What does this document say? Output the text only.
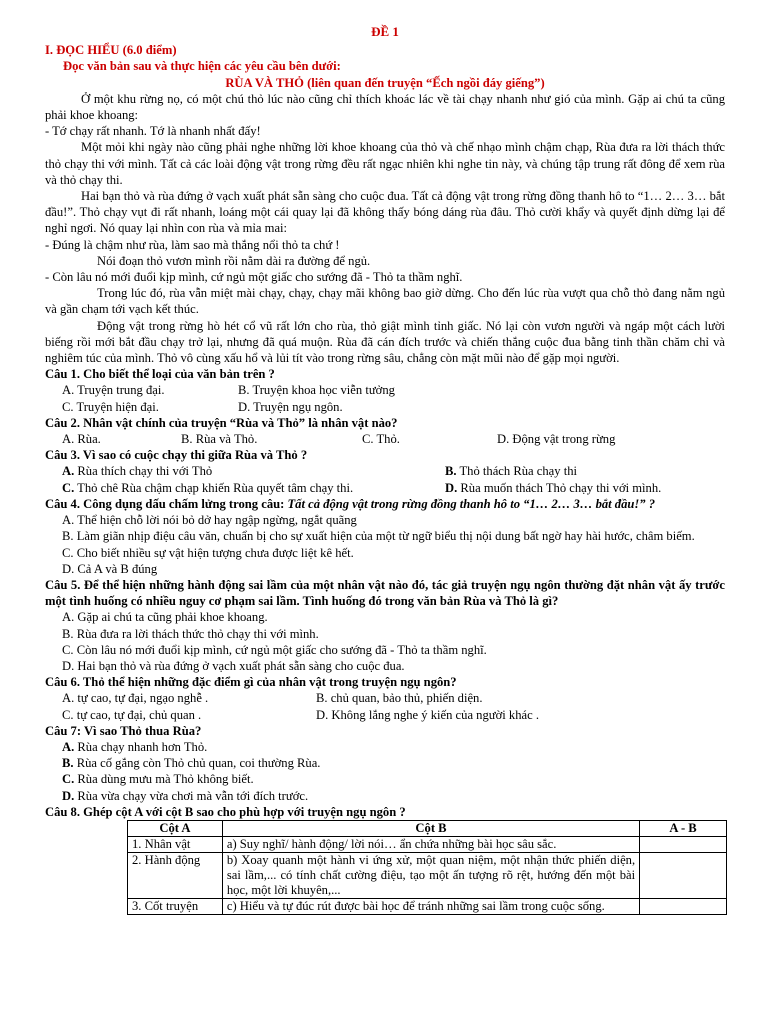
ĐỀ 1

I. ĐỌC HIỂU (6.0 điểm)

Đọc văn bản sau và thực hiện các yêu cầu bên dưới:

RÙA VÀ THỎ (liên quan đến truyện “Ếch ngồi đáy giếng”)

Ở một khu rừng nọ, có một chú thỏ lúc nào cũng chỉ thích khoác lác về tài chạy nhanh như gió của mình. Gặp ai chú ta cũng phải khoe khoang:

- Tớ chạy rất nhanh. Tớ là nhanh nhất đấy!

Một mỏi khi ngày nào cũng phải nghe những lời khoe khoang của thỏ và chế nhạo mình chậm chạp, Rùa đưa ra lời thách thức thỏ chạy thi với mình. Tất cả các loài động vật trong rừng đều rất ngạc nhiên khi nghe tin này, và chúng tập trung rất đông để xem rùa và thỏ chạy thi.

Hai bạn thỏ và rùa đứng ở vạch xuất phát sẵn sàng cho cuộc đua. Tất cả động vật trong rừng đồng thanh hô to “1… 2… 3… bắt đầu!”. Thỏ chạy vụt đi rất nhanh, loáng một cái quay lại đã không thấy bóng dáng rùa đâu. Thỏ cười khẩy và quyết định dừng lại để nghỉ ngơi. Nó quay lại nhìn con rùa và mỉa mai:

- Đúng là chậm như rùa, làm sao mà thắng nổi thỏ ta chứ !

Nói đoạn thỏ vươn mình rồi nằm dài ra đường để ngủ.

- Còn lâu nó mới đuổi kịp mình, cứ ngủ một giấc cho sướng đã - Thỏ ta thầm nghĩ.

Trong lúc đó, rùa vẫn miệt mài chạy, chạy, chạy mãi không bao giờ dừng. Cho đến lúc rùa vượt qua chỗ thỏ đang nằm ngủ và gần chạm tới vạch kết thúc.

Động vật trong rừng hò hét cổ vũ rất lớn cho rùa, thỏ giật mình tỉnh giấc. Nó lại còn vươn người và ngáp một cách lười biếng rồi mới bắt đầu chạy trở lại, nhưng đã quá muộn. Rùa đã cán đích trước và chiến thắng cuộc đua bằng tinh thần chăm chỉ và nghiêm túc của mình. Thỏ vô cùng xấu hổ và lủi tít vào trong rừng sâu, chẳng còn mặt mũi nào để gặp mọi người.

Câu 1. Cho biết thể loại của văn bản trên ?

A. Truyện trung đại.	B. Truyện khoa học viễn tưởng
C. Truyện hiện đại.	D. Truyện ngụ ngôn.

Câu 2. Nhân vật chính của truyện “Rùa và Thỏ” là nhân vật nào?

A. Rùa.	B. Rùa và Thỏ.	C. Thỏ.	D. Động vật trong rừng

Câu 3. Vì sao có cuộc chạy thi giữa Rùa và Thỏ ?

A. Rùa thích chạy thi với Thỏ	B. Thỏ thách Rùa chạy thi
C. Thỏ chê Rùa chậm chạp khiến Rùa quyết tâm chạy thi.	D. Rùa muốn thách Thỏ chạy thi với mình.

Câu 4. Công dụng dấu chấm lửng trong câu: Tất cả động vật trong rừng đồng thanh hô to “1… 2… 3… bắt đầu!” ?

A. Thể hiện chỗ lời nói bỏ dở hay ngập ngừng, ngắt quãng

B. Làm giãn nhịp điệu câu văn, chuẩn bị cho sự xuất hiện của một từ ngữ biểu thị nội dung bất ngờ hay hài hước, châm biếm.

C. Cho biết nhiều sự vật hiện tượng chưa được liệt kê hết.

D. Cả A và B đúng

Câu 5. Để thể hiện những hành động sai lầm của một nhân vật nào đó, tác giả truyện ngụ ngôn thường đặt nhân vật ấy trước một tình huống có nhiều nguy cơ phạm sai lầm. Tình huống đó trong văn bản Rùa và Thỏ là gì?

A. Gặp ai chú ta cũng phải khoe khoang.

B. Rùa đưa ra lời thách thức thỏ chạy thi với mình.

C. Còn lâu nó mới đuổi kịp mình, cứ ngủ một giấc cho sướng đã - Thỏ ta thầm nghĩ.

D. Hai bạn thỏ và rùa đứng ở vạch xuất phát sẵn sàng cho cuộc đua.

Câu 6. Thỏ thể hiện những đặc điểm gì của nhân vật trong truyện ngụ ngôn?

A. tự cao, tự đại, ngạo nghễ .	B. chủ quan, bảo thủ, phiến diện.
C. tự cao, tự đại, chủ quan .	D. Không lắng nghe ý kiến của người khác .

Câu 7: Vì sao Thỏ thua Rùa?

A. Rùa chạy nhanh hơn Thỏ.

B. Rùa cố gắng còn Thỏ chủ quan, coi thường Rùa.

C. Rùa dùng mưu mà Thỏ không biết.

D. Rùa vừa chạy vừa chơi mà vẫn tới đích trước.

Câu 8. Ghép cột A với cột B sao cho phù hợp với truyện ngụ ngôn ?

Cột A	Cột B	A - B
1. Nhân vật	a) Suy nghĩ/ hành động/ lời nói… ẩn chứa những bài học sâu sắc.	
2. Hành động	b) Xoay quanh một hành vi ứng xử, một quan niệm, một nhận thức phiến diện, sai lầm,... có tính chất cường điệu, tạo một ấn tượng rõ rệt, hướng đến một bài học, một lời khuyên,...	
3. Cốt truyện	c) Hiểu và tự đúc rút được bài học để tránh những sai lầm trong cuộc sống.	
